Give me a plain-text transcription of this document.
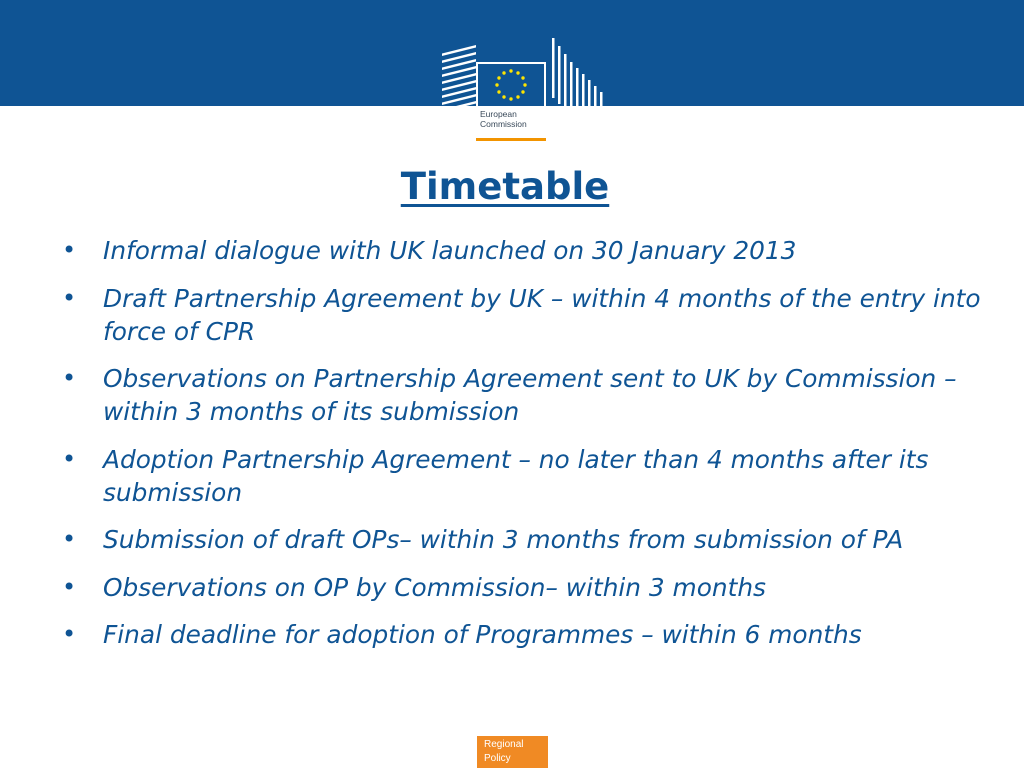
European
Commission
Timetable
• Informal dialogue with UK launched on 30 January 2013
• Draft Partnership Agreement by UK – within 4 months of the entry into force of CPR
• Observations on Partnership Agreement sent to UK by Commission – within 3 months of its submission
• Adoption Partnership Agreement – no later than 4 months after its submission
• Submission of draft OPs– within 3 months from submission of PA
• Observations on OP by Commission– within 3 months
• Final deadline for adoption of Programmes – within 6 months
Regional
Policy
